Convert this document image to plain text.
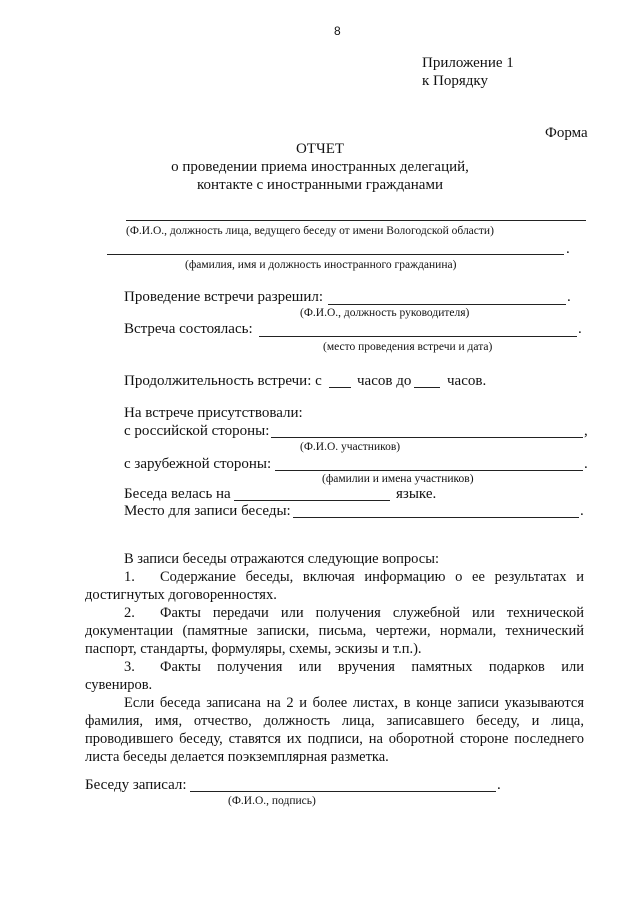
8
Приложение 1
к Порядку
Форма
ОТЧЕТ
о проведении приема иностранных делегаций,
контакте с иностранными гражданами
(Ф.И.О., должность лица, ведущего беседу от имени Вологодской области)
.
(фамилия, имя и должность иностранного гражданина)
Проведение встречи разрешил:	.
(Ф.И.О., должность руководителя)
Встреча состоялась:	.
(место проведения встречи и дата)
Продолжительность встречи: с часов до часов.
На встрече присутствовали:
с российской стороны:	,
(Ф.И.О. участников)
с зарубежной стороны:	.
(фамилии и имена участников)
Беседа велась на	языке.
Место для записи беседы:	.
В записи беседы отражаются следующие вопросы:
1. Содержание беседы, включая информацию о ее результатах и
достигнутых договоренностях.
2. Факты передачи или получения служебной или технической
документации (памятные записки, письма, чертежи, нормали, технический
паспорт, стандарты, формуляры, схемы, эскизы и т.п.).
3. Факты получения или вручения памятных подарков или
сувениров.
Если беседа записана на 2 и более листах, в конце записи указываются
фамилия, имя, отчество, должность лица, записавшего беседу, и лица,
проводившего беседу, ставятся их подписи, на оборотной стороне последнего
листа беседы делается поэкземплярная разметка.
Беседу записал:	.
(Ф.И.О., подпись)
